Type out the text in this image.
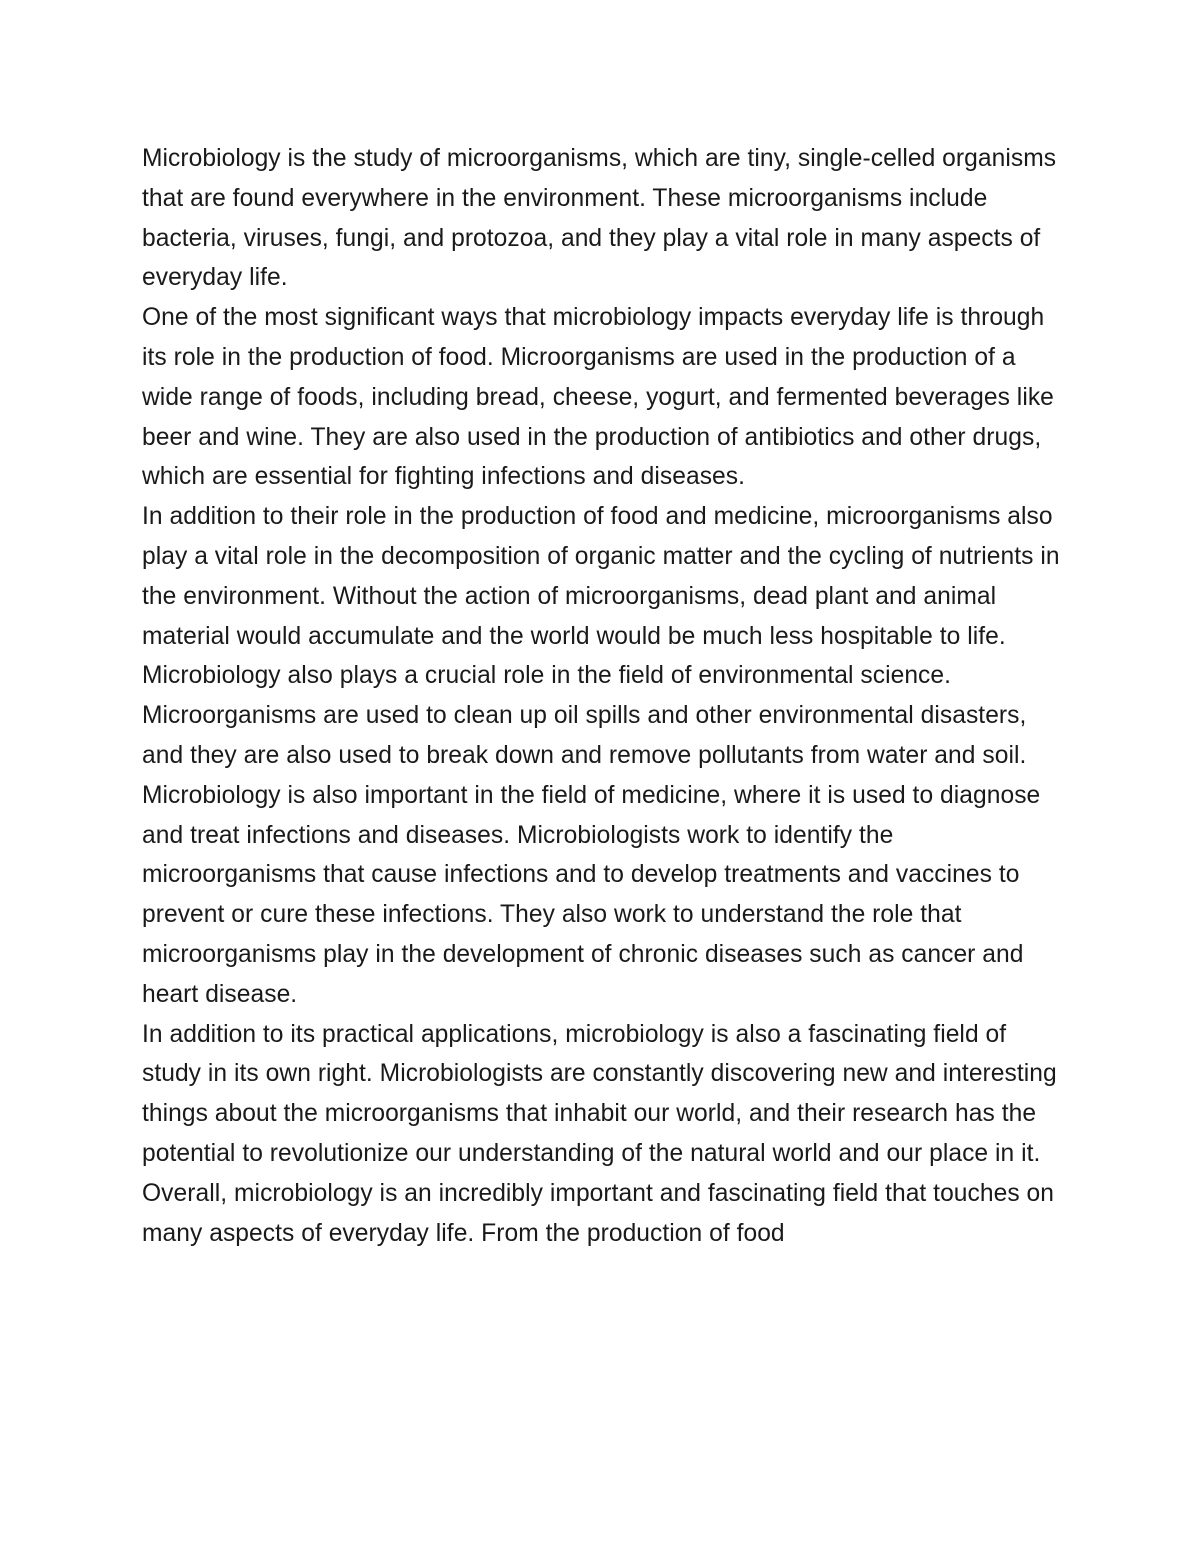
Microbiology is the study of microorganisms, which are tiny, single-celled organisms that are found everywhere in the environment. These microorganisms include bacteria, viruses, fungi, and protozoa, and they play a vital role in many aspects of everyday life.

One of the most significant ways that microbiology impacts everyday life is through its role in the production of food. Microorganisms are used in the production of a wide range of foods, including bread, cheese, yogurt, and fermented beverages like beer and wine. They are also used in the production of antibiotics and other drugs, which are essential for fighting infections and diseases.

In addition to their role in the production of food and medicine, microorganisms also play a vital role in the decomposition of organic matter and the cycling of nutrients in the environment. Without the action of microorganisms, dead plant and animal material would accumulate and the world would be much less hospitable to life.

Microbiology also plays a crucial role in the field of environmental science. Microorganisms are used to clean up oil spills and other environmental disasters, and they are also used to break down and remove pollutants from water and soil.

Microbiology is also important in the field of medicine, where it is used to diagnose and treat infections and diseases. Microbiologists work to identify the microorganisms that cause infections and to develop treatments and vaccines to prevent or cure these infections. They also work to understand the role that microorganisms play in the development of chronic diseases such as cancer and heart disease.

In addition to its practical applications, microbiology is also a fascinating field of study in its own right. Microbiologists are constantly discovering new and interesting things about the microorganisms that inhabit our world, and their research has the potential to revolutionize our understanding of the natural world and our place in it.

Overall, microbiology is an incredibly important and fascinating field that touches on many aspects of everyday life. From the production of food
